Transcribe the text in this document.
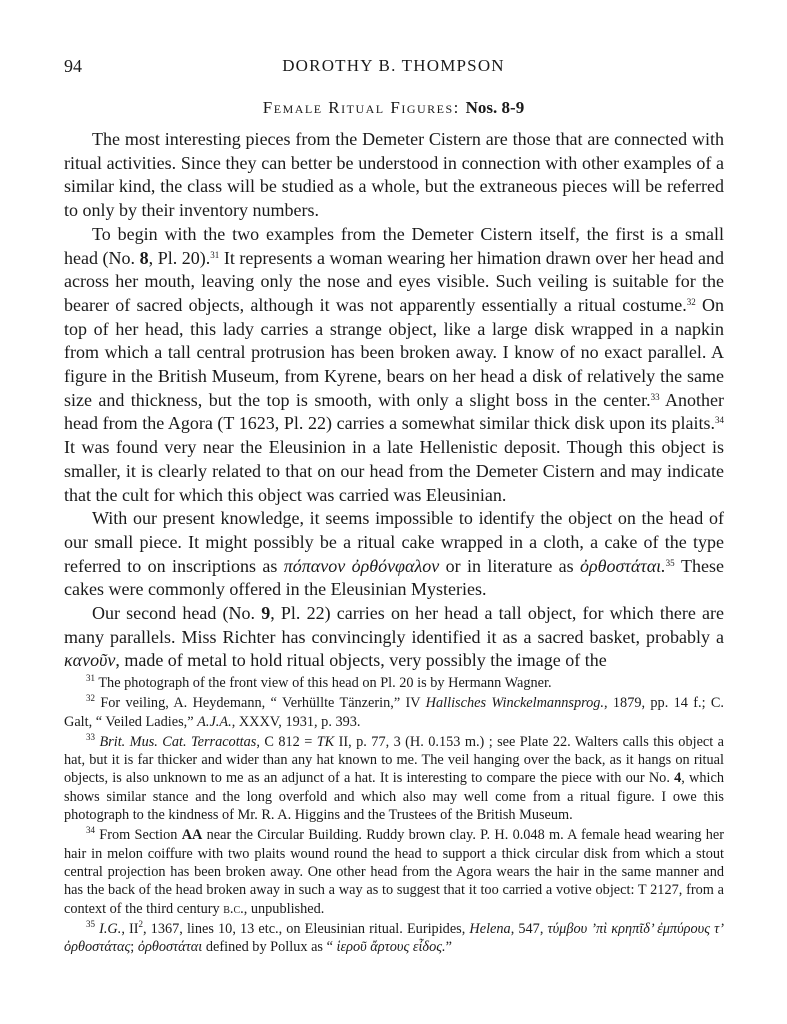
94	DOROTHY B. THOMPSON
Female Ritual Figures: Nos. 8-9

The most interesting pieces from the Demeter Cistern are those that are connected with ritual activities. Since they can better be understood in connection with other examples of a similar kind, the class will be studied as a whole, but the extraneous pieces will be referred to only by their inventory numbers.

To begin with the two examples from the Demeter Cistern itself, the first is a small head (No. 8, Pl. 20).$^{31}$ It represents a woman wearing her himation drawn over her head and across her mouth, leaving only the nose and eyes visible. Such veiling is suitable for the bearer of sacred objects, although it was not apparently essentially a ritual costume.$^{32}$ On top of her head, this lady carries a strange object, like a large disk wrapped in a napkin from which a tall central protrusion has been broken away. I know of no exact parallel. A figure in the British Museum, from Kyrene, bears on her head a disk of relatively the same size and thickness, but the top is smooth, with only a slight boss in the center.$^{33}$ Another head from the Agora (T 1623, Pl. 22) carries a somewhat similar thick disk upon its plaits.$^{34}$ It was found very near the Eleusinion in a late Hellenistic deposit. Though this object is smaller, it is clearly related to that on our head from the Demeter Cistern and may indicate that the cult for which this object was carried was Eleusinian.

With our present knowledge, it seems impossible to identify the object on the head of our small piece. It might possibly be a ritual cake wrapped in a cloth, a cake of the type referred to on inscriptions as πόπανον ὀρθόνφαλον or in literature as ὀρθοστάται.$^{35}$ These cakes were commonly offered in the Eleusinian Mysteries.

Our second head (No. 9, Pl. 22) carries on her head a tall object, for which there are many parallels. Miss Richter has convincingly identified it as a sacred basket, probably a κανοῦν, made of metal to hold ritual objects, very possibly the image of the

$^{31}$ The photograph of the front view of this head on Pl. 20 is by Hermann Wagner.

$^{32}$ For veiling, A. Heydemann, “ Verhüllte Tänzerin,” IV Hallisches Winckelmannsprog., 1879, pp. 14 f.; C. Galt, “ Veiled Ladies,” A.J.A., XXXV, 1931, p. 393.

$^{33}$ Brit. Mus. Cat. Terracottas, C 812 = TK II, p. 77, 3 (H. 0.153 m.) ; see Plate 22. Walters calls this object a hat, but it is far thicker and wider than any hat known to me. The veil hanging over the back, as it hangs on ritual objects, is also unknown to me as an adjunct of a hat. It is interesting to compare the piece with our No. 4, which shows similar stance and the long overfold and which also may well come from a ritual figure. I owe this photograph to the kindness of Mr. R. A. Higgins and the Trustees of the British Museum.

$^{34}$ From Section AA near the Circular Building. Ruddy brown clay. P. H. 0.048 m. A female head wearing her hair in melon coiffure with two plaits wound round the head to support a thick circular disk from which a stout central projection has been broken away. One other head from the Agora wears the hair in the same manner and has the back of the head broken away in such a way as to suggest that it too carried a votive object: T 2127, from a context of the third century b.c., unpublished.

$^{35}$ I.G., $II^2$, 1367, lines 10, 13 etc., on Eleusinian ritual. Euripides, Helena, 547, τύμβου ’πὶ κρηπῖδ’ ἐμπύρους τ’ ὀρθοστάτας; ὀρθοστάται defined by Pollux as “ ἱεροῦ ἄρτους εἶδος.”
